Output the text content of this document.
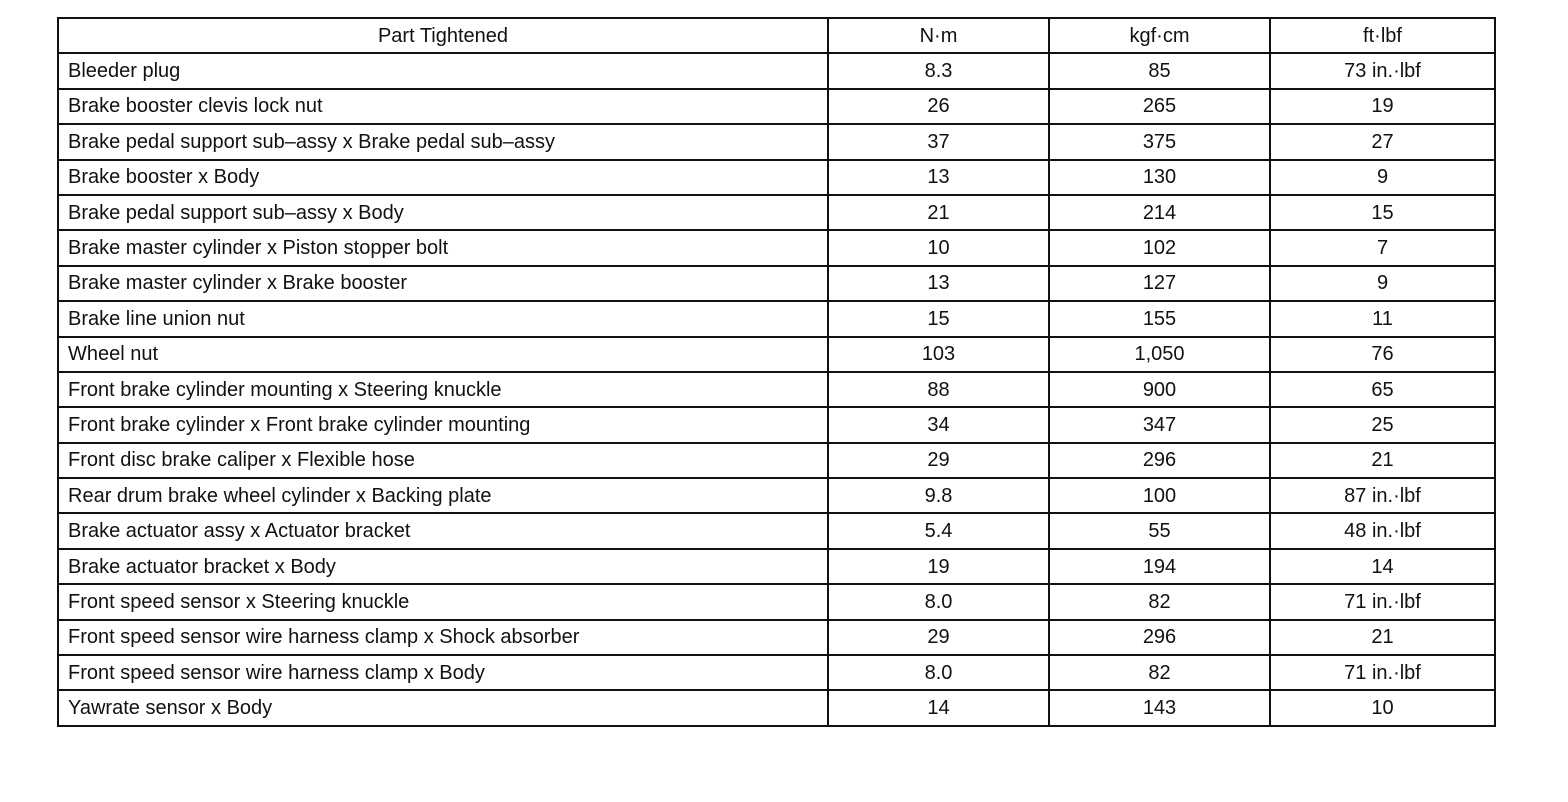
Part Tightened	N·m	kgf·cm	ft·lbf
Bleeder plug	8.3	85	73 in.·lbf
Brake booster clevis lock nut	26	265	19
Brake pedal support sub–assy x Brake pedal sub–assy	37	375	27
Brake booster x Body	13	130	9
Brake pedal support sub–assy x Body	21	214	15
Brake master cylinder x Piston stopper bolt	10	102	7
Brake master cylinder x Brake booster	13	127	9
Brake line union nut	15	155	11
Wheel nut	103	1,050	76
Front brake cylinder mounting x Steering knuckle	88	900	65
Front brake cylinder x Front brake cylinder mounting	34	347	25
Front disc brake caliper x Flexible hose	29	296	21
Rear drum brake wheel cylinder x Backing plate	9.8	100	87 in.·lbf
Brake actuator assy x Actuator bracket	5.4	55	48 in.·lbf
Brake actuator bracket x Body	19	194	14
Front speed sensor x Steering knuckle	8.0	82	71 in.·lbf
Front speed sensor wire harness clamp x Shock absorber	29	296	21
Front speed sensor wire harness clamp x Body	8.0	82	71 in.·lbf
Yawrate sensor x Body	14	143	10
